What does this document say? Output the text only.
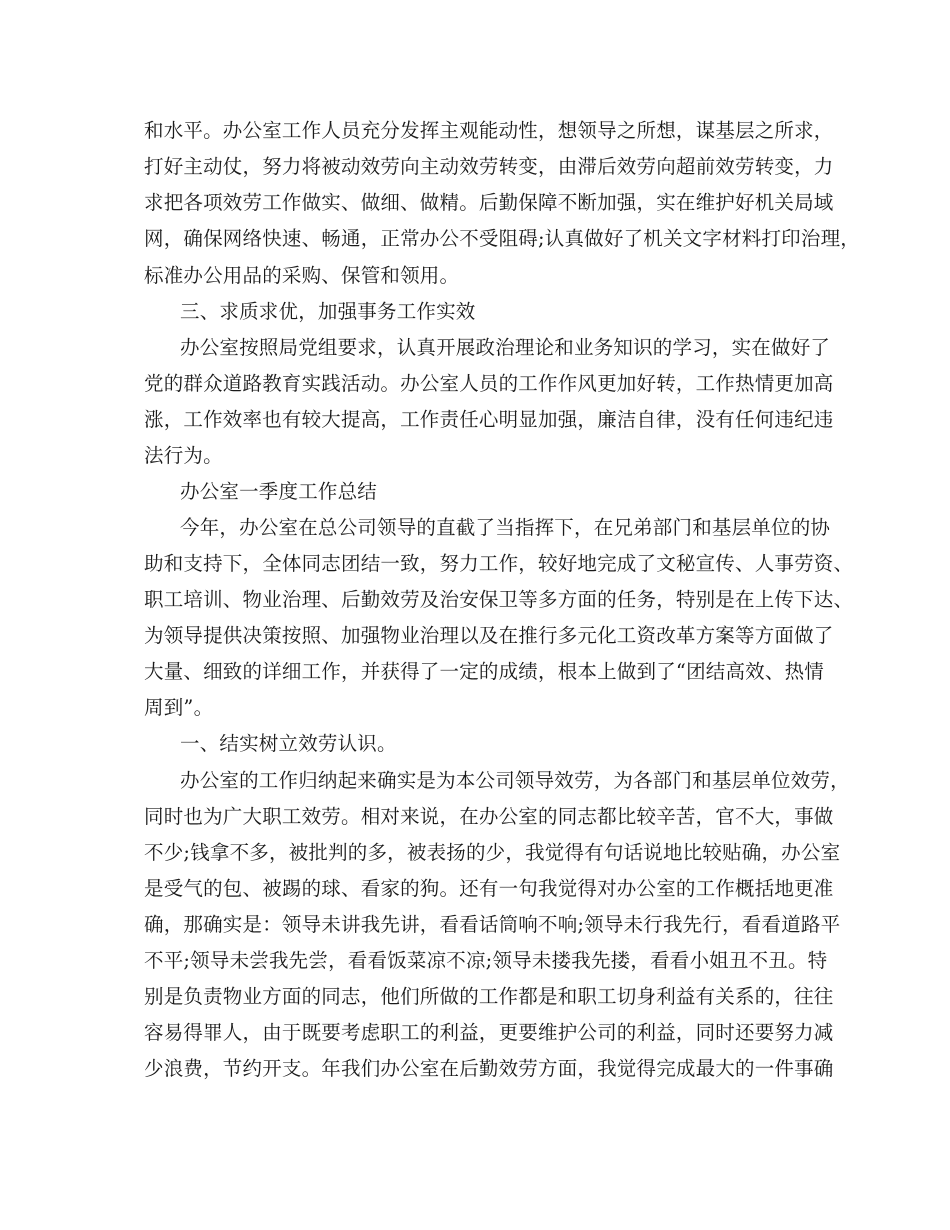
和水平。办公室工作人员充分发挥主观能动性，想领导之所想，谋基层之所求，
打好主动仗，努力将被动效劳向主动效劳转变，由滞后效劳向超前效劳转变，力
求把各项效劳工作做实、做细、做精。后勤保障不断加强，实在维护好机关局域
网，确保网络快速、畅通，正常办公不受阻碍;认真做好了机关文字材料打印治理，
标准办公用品的采购、保管和领用。
三、求质求优，加强事务工作实效
办公室按照局党组要求，认真开展政治理论和业务知识的学习，实在做好了
党的群众道路教育实践活动。办公室人员的工作作风更加好转，工作热情更加高
涨，工作效率也有较大提高，工作责任心明显加强，廉洁自律，没有任何违纪违
法行为。
办公室一季度工作总结
今年，办公室在总公司领导的直截了当指挥下，在兄弟部门和基层单位的协
助和支持下，全体同志团结一致，努力工作，较好地完成了文秘宣传、人事劳资、
职工培训、物业治理、后勤效劳及治安保卫等多方面的任务，特别是在上传下达、
为领导提供决策按照、加强物业治理以及在推行多元化工资改革方案等方面做了
大量、细致的详细工作，并获得了一定的成绩，根本上做到了“团结高效、热情
周到”。
一、结实树立效劳认识。
办公室的工作归纳起来确实是为本公司领导效劳，为各部门和基层单位效劳，
同时也为广大职工效劳。相对来说，在办公室的同志都比较辛苦，官不大，事做
不少;钱拿不多，被批判的多，被表扬的少，我觉得有句话说地比较贴确，办公室
是受气的包、被踢的球、看家的狗。还有一句我觉得对办公室的工作概括地更准
确，那确实是：领导未讲我先讲，看看话筒响不响;领导未行我先行，看看道路平
不平;领导未尝我先尝，看看饭菜凉不凉;领导未搂我先搂，看看小姐丑不丑。特
别是负责物业方面的同志，他们所做的工作都是和职工切身利益有关系的，往往
容易得罪人，由于既要考虑职工的利益，更要维护公司的利益，同时还要努力减
少浪费，节约开支。年我们办公室在后勤效劳方面，我觉得完成最大的一件事确
